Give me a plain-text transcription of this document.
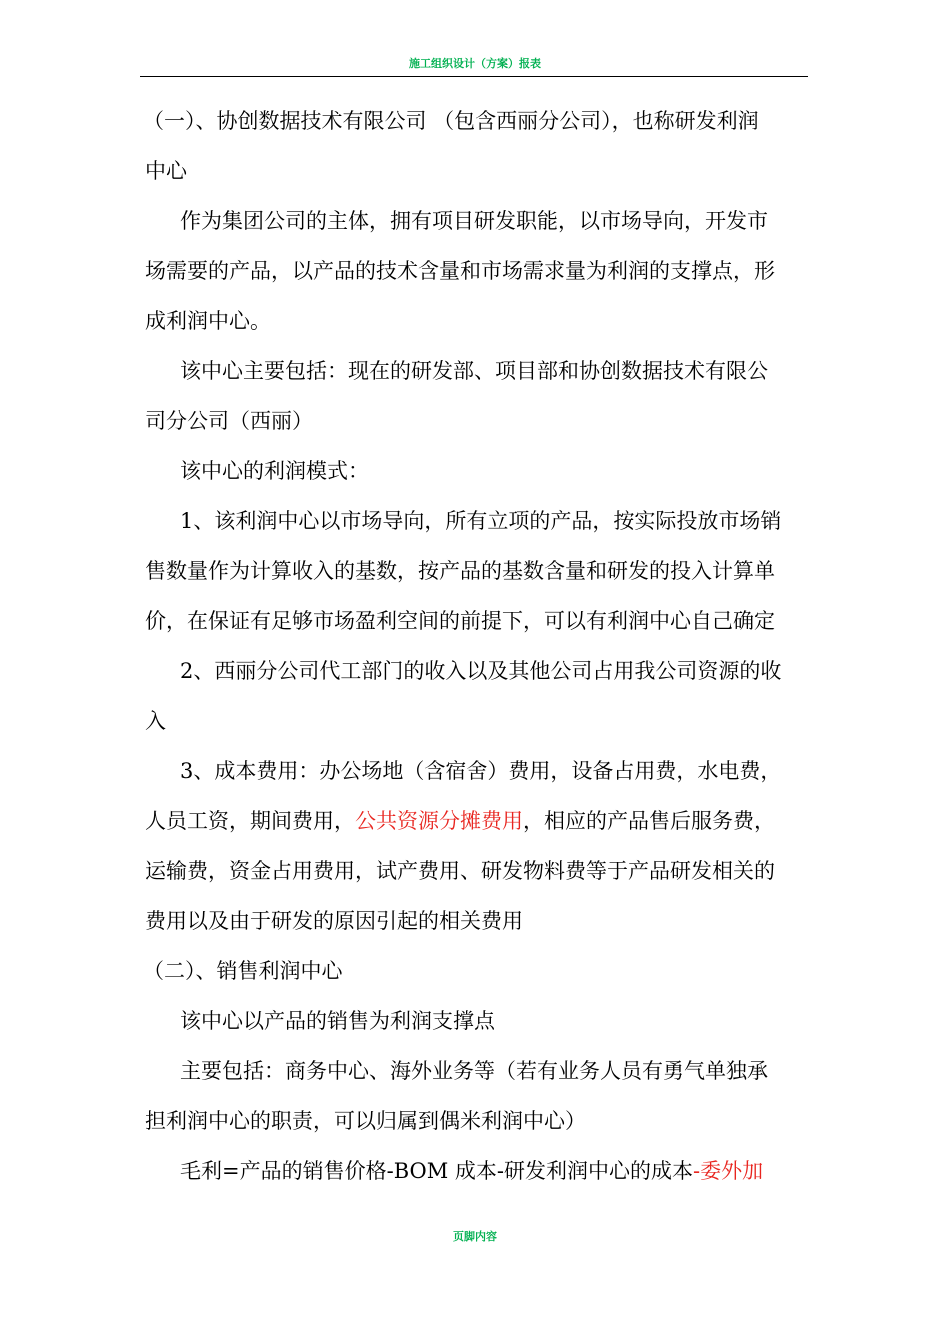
施工组织设计（方案）报表
（一）、协创数据技术有限公司 （包含西丽分公司），也称研发利润
中心
作为集团公司的主体，拥有项目研发职能，以市场导向，开发市
场需要的产品，以产品的技术含量和市场需求量为利润的支撑点，形
成利润中心。
该中心主要包括：现在的研发部、项目部和协创数据技术有限公
司分公司（西丽）
该中心的利润模式：
1、该利润中心以市场导向，所有立项的产品，按实际投放市场销
售数量作为计算收入的基数，按产品的基数含量和研发的投入计算单
价，在保证有足够市场盈利空间的前提下，可以有利润中心自己确定
2、西丽分公司代工部门的收入以及其他公司占用我公司资源的收
入
3、成本费用：办公场地（含宿舍）费用，设备占用费，水电费，
人员工资，期间费用，公共资源分摊费用，相应的产品售后服务费，
运输费，资金占用费用，试产费用、研发物料费等于产品研发相关的
费用以及由于研发的原因引起的相关费用
（二）、销售利润中心
该中心以产品的销售为利润支撑点
主要包括：商务中心、海外业务等（若有业务人员有勇气单独承
担利润中心的职责，可以归属到偶米利润中心）
毛利=产品的销售价格-BOM 成本-研发利润中心的成本-委外加
页脚内容
